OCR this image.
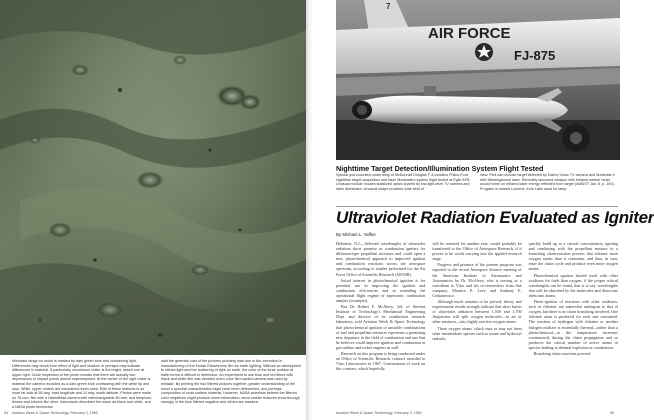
Mountain range on moon is marked by dark green tone and contrasting light. Differences may result from effect of light and shadow or perhaps may indicate differences in material. A particularly uncommon crater is the bright, raised one at upper right. Close inspection of the photo reveals that there are actually two depressions or impact points almost superimposed. At the center of the right crater is material the camera recorded as a dark green blob contrasting with the white tip and rays. While, upper craters are considered fresh ones. Elite of these features is on lunar far side at 55 deg. east longitude and 10 deg. south latitude. Photos were made on 70-mm. film with a Hasselblad camera with interchangeable 80-mm. and telephoto lenses and electric film drive. Astronauts described the moon as black and white, and a NASA photo technician
said the greenish cast of the pictures probably was due to the correction in manufacturing of the Kodak Ektachrome film for earth lighting. Without an atmosphere to refract light and the scattering of light on earth, the color of the lunar surface at earth terms is difficult to determine. An experiment to use blue and red filters with black and white film was derailed when color film loaded camera was used by mistake. By printing the two filtered pictures together, greater understanding of the moon's spectral characteristics might have been determined, and perhaps composition of lunar surface material. However, NASA scientists believe the filtered color negatives might produce some information, since certain features show through strongly in the blue filtered negative and others are masked.
54 Aviation Week & Space Technology, February 3, 1969
7
AIR FORCE
FJ-875
Nighttime Target Detection/Illumination System Flight Tested
Special pod mounted under wing of McDonnell Douglas F-4 contains Philco-Ford nighttime target acquisition and laser illumination system flight tested at Eglin AFB. Unusual module houses stabilized optics shared by low-light-level TV camera and laser illuminator. Unusual shape provides wide field of
view. Pilot can choose target detected by Dalmo Victor TV camera and illuminate it with Westinghouse laser. Remotely launched weapon with infrared seeker head would home on infrared laser energy reflected from target (AW&ST Jan. 6, p. 100). Program is named Lucerne, from Latin word for lamp.
Ultraviolet Radiation Evaluated as Igniter
By Michael L. Yaffee

Hoboken, N.J.—Selected wavelengths of ultraviolet radiation show promise as combustion igniters for diffusion-type propellant mixtures and could open a new, photochemical approach to improved ignition and combustion reactions across the aerospace spectrum, according to studies performed for the Air Force Office of Scientific Research (AFOSR).

Initial interest in photochemical ignition is for potential use in improving the ignition and combustion efficiencies and in extending the operational flight regime of supersonic combustion ramjets (scramjets).

But Dr. Robert F. McAlevy, 3rd, of Stevens Institute of Technology's Mechanical Engineering Dept. and director of its combustion research laboratory, told Aviation Week & Space Technology that photochemical ignition of unstable combinations of fuel and propellant mixtures represents a promising new departure in the field of combustion and one that he believes could improve ignition and combustion in gas turbine and rocket engines as well.

Research on this program is being conducted under an Office of Scientific Research contract awarded to Vitro Laboratories in 1967. Continuation of work on this contract, which hopefully

will be renewed for another year, would probably be transferred to the Office of Aerospace Research, if it proves to be worth carrying into the applied research stage.

Progress and promise of the present program was reported to the recent Aerospace Science meeting of the American Institute of Aeronautics and Astronautics by Dr. McAlevy, who is serving as a consultant to Vitro and his co-researchers from that company, Maurice E. Levy and Anthony E. Cerkanowicz.

Although much remains to be proved, theory and experimental results strongly indicate that short bursts of ultraviolet radiation between 1,550 and 1,700 Angstroms will split oxygen molecules—in air or other mixtures—into highly reactive oxygen atoms.

These oxygen atoms, which may or may not form other intermediate species such as ozone and hydroxyl radicals,

quickly build up to a critical concentration, igniting and combining with the propellant mixture in a branching chain-reaction process that releases more oxygen atoms than it consumes, and thus, in turn, enter the chain cycle and produce even more oxygen atoms.

Photochemical ignition should work with other oxidizers for fuels than oxygen, if the proper critical wavelengths can be found, that is to say, wavelengths that will be absorbed by the molecules and dissociate them into atoms.

Photo-ignition of reactions with other oxidizers, such as chlorine, are somewhat analogous to that of oxygen, but there is no chain branching involved. One chlorine atom is produced for each one consumed. The reaction of hydrogen with chlorine or another halogen oxidizer is essentially thermal—rather than a photochemical—at the temperature increases continuously during the chain propagation and so produces the critical number of active atoms or species leading to thermal explosion or combustion.

Branching chain reactions proceed

Aviation Week & Space Technology, February 3, 1969	55
